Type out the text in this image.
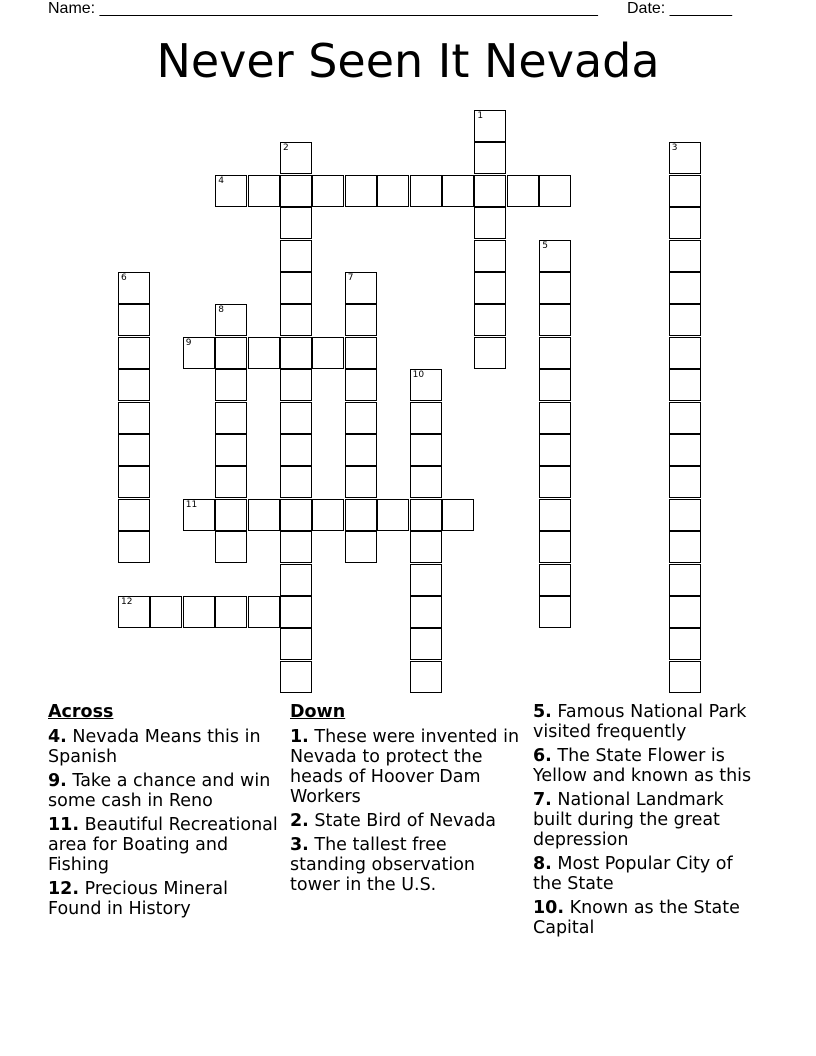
Name: ________________________________________________________ Date: _______
Never Seen It Nevada
1
2	3
4
5
6	7
8
9
10
11
12
Across
4. Nevada Means this in Spanish
9. Take a chance and win some cash in Reno
11. Beautiful Recreational area for Boating and Fishing
12. Precious Mineral Found in History
Down
1. These were invented in Nevada to protect the heads of Hoover Dam Workers
2. State Bird of Nevada
3. The tallest free standing observation tower in the U.S.
5. Famous National Park visited frequently
6. The State Flower is Yellow and known as this
7. National Landmark built during the great depression
8. Most Popular City of the State
10. Known as the State Capital
